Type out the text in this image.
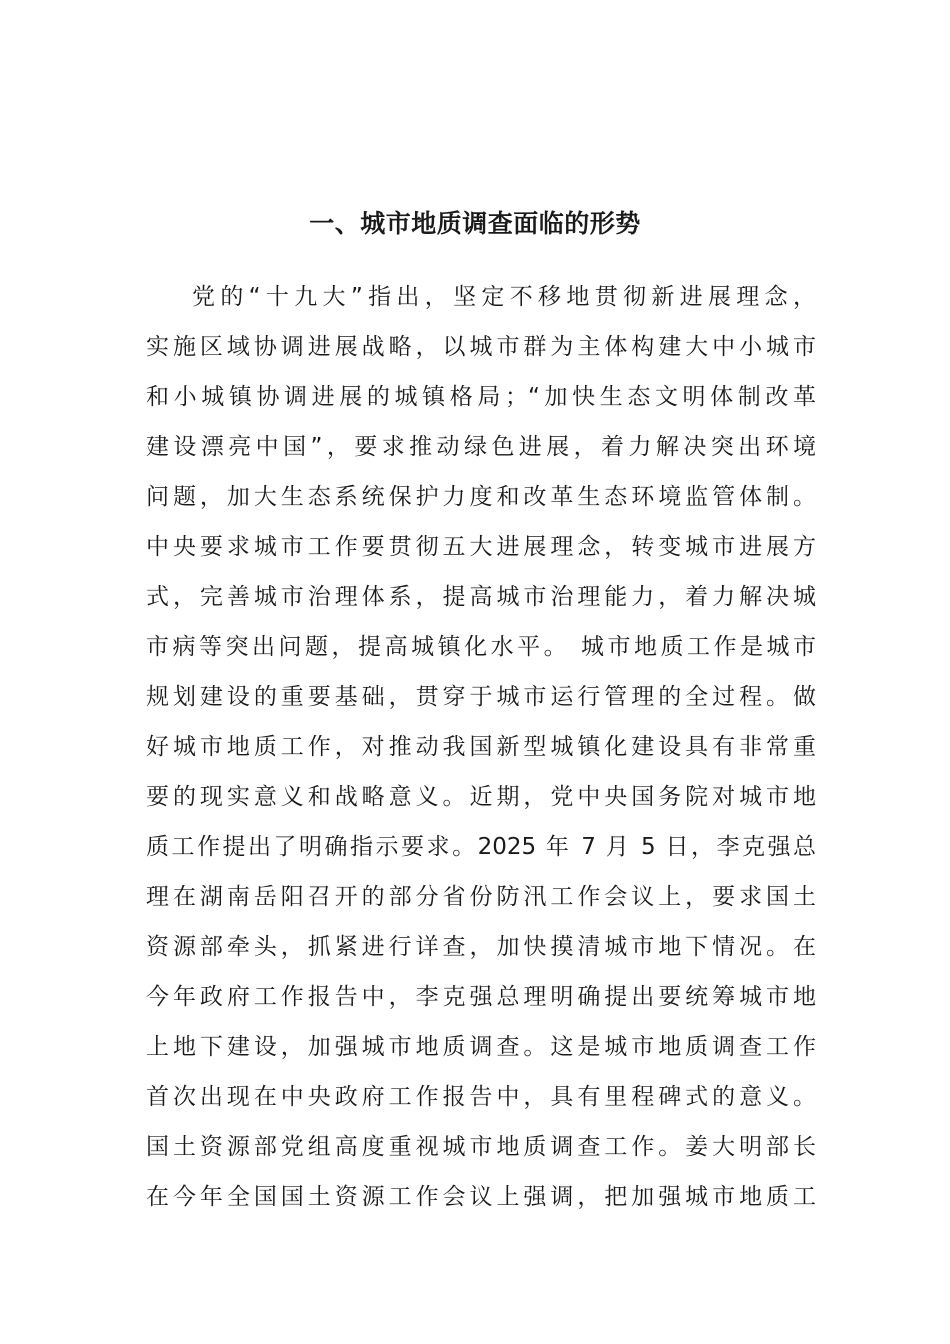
一、城市地质调查面临的形势
党的“十九大”指出，坚定不移地贯彻新进展理念，
实施区域协调进展战略，以城市群为主体构建大中小城市
和小城镇协调进展的城镇格局；“加快生态文明体制改革
建设漂亮中国”，要求推动绿色进展，着力解决突出环境
问题，加大生态系统保护力度和改革生态环境监管体制。
中央要求城市工作要贯彻五大进展理念，转变城市进展方
式，完善城市治理体系，提高城市治理能力，着力解决城
市病等突出问题，提高城镇化水平。 城市地质工作是城市
规划建设的重要基础，贯穿于城市运行管理的全过程。做
好城市地质工作，对推动我国新型城镇化建设具有非常重
要的现实意义和战略意义。近期，党中央国务院对城市地
质工作提出了明确指示要求。2025 年 7 月 5 日，李克强总
理在湖南岳阳召开的部分省份防汛工作会议上，要求国土
资源部牵头，抓紧进行详查，加快摸清城市地下情况。在
今年政府工作报告中，李克强总理明确提出要统筹城市地
上地下建设，加强城市地质调查。这是城市地质调查工作
首次出现在中央政府工作报告中，具有里程碑式的意义。
国土资源部党组高度重视城市地质调查工作。姜大明部长
在今年全国国土资源工作会议上强调，把加强城市地质工
